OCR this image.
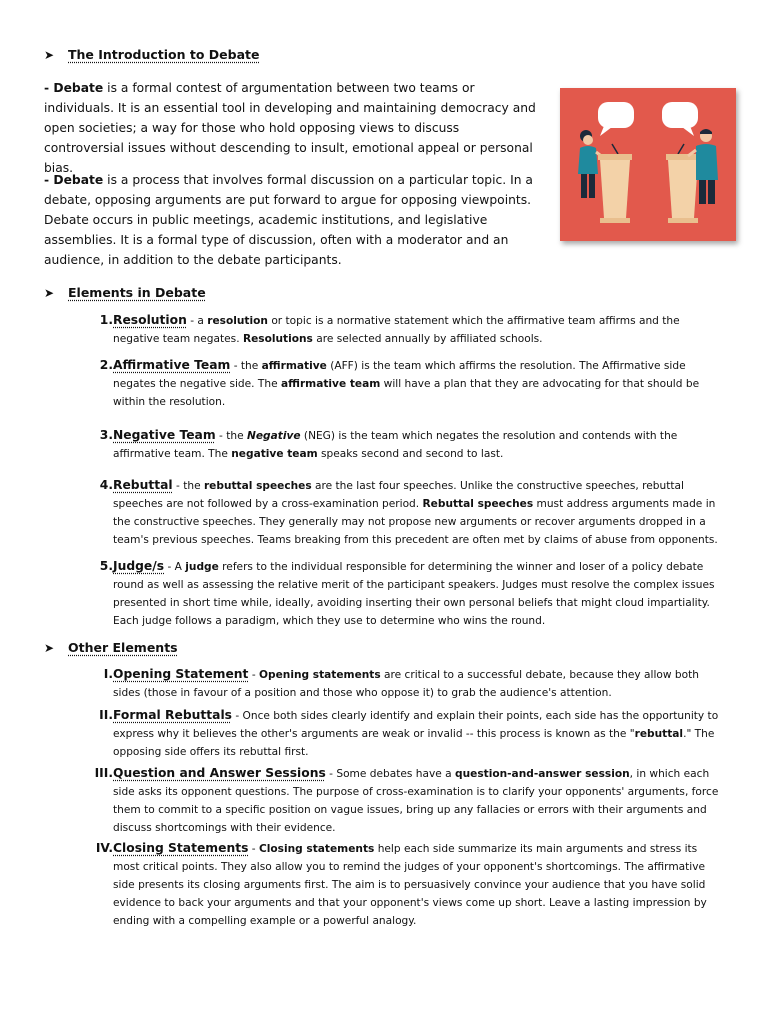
➤ The Introduction to Debate

- Debate is a formal contest of argumentation between two teams or individuals. It is an essential tool in developing and maintaining democracy and open societies; a way for those who hold opposing views to discuss controversial issues without descending to insult, emotional appeal or personal bias.

- Debate is a process that involves formal discussion on a particular topic. In a debate, opposing arguments are put forward to argue for opposing viewpoints. Debate occurs in public meetings, academic institutions, and legislative assemblies. It is a formal type of discussion, often with a moderator and an audience, in addition to the debate participants.

➤ Elements in Debate
1. Resolution - a resolution or topic is a normative statement which the affirmative team affirms and the negative team negates. Resolutions are selected annually by affiliated schools.
2. Affirmative Team - the affirmative (AFF) is the team which affirms the resolution. The Affirmative side negates the negative side. The affirmative team will have a plan that they are advocating for that should be within the resolution.
3. Negative Team - the Negative (NEG) is the team which negates the resolution and contends with the affirmative team. The negative team speaks second and second to last.
4. Rebuttal - the rebuttal speeches are the last four speeches. Unlike the constructive speeches, rebuttal speeches are not followed by a cross-examination period. Rebuttal speeches must address arguments made in the constructive speeches. They generally may not propose new arguments or recover arguments dropped in a team's previous speeches. Teams breaking from this precedent are often met by claims of abuse from opponents.
5. Judge/s - A judge refers to the individual responsible for determining the winner and loser of a policy debate round as well as assessing the relative merit of the participant speakers. Judges must resolve the complex issues presented in short time while, ideally, avoiding inserting their own personal beliefs that might cloud impartiality. Each judge follows a paradigm, which they use to determine who wins the round.
➤ Other Elements
I. Opening Statement - Opening statements are critical to a successful debate, because they allow both sides (those in favour of a position and those who oppose it) to grab the audience's attention.
II. Formal Rebuttals - Once both sides clearly identify and explain their points, each side has the opportunity to express why it believes the other's arguments are weak or invalid -- this process is known as the "rebuttal." The opposing side offers its rebuttal first.
III. Question and Answer Sessions - Some debates have a question-and-answer session, in which each side asks its opponent questions. The purpose of cross-examination is to clarify your opponents' arguments, force them to commit to a specific position on vague issues, bring up any fallacies or errors with their arguments and discuss shortcomings with their evidence.
IV. Closing Statements - Closing statements help each side summarize its main arguments and stress its most critical points. They also allow you to remind the judges of your opponent's shortcomings. The affirmative side presents its closing arguments first. The aim is to persuasively convince your audience that you have solid evidence to back your arguments and that your opponent's views come up short. Leave a lasting impression by ending with a compelling example or a powerful analogy.
